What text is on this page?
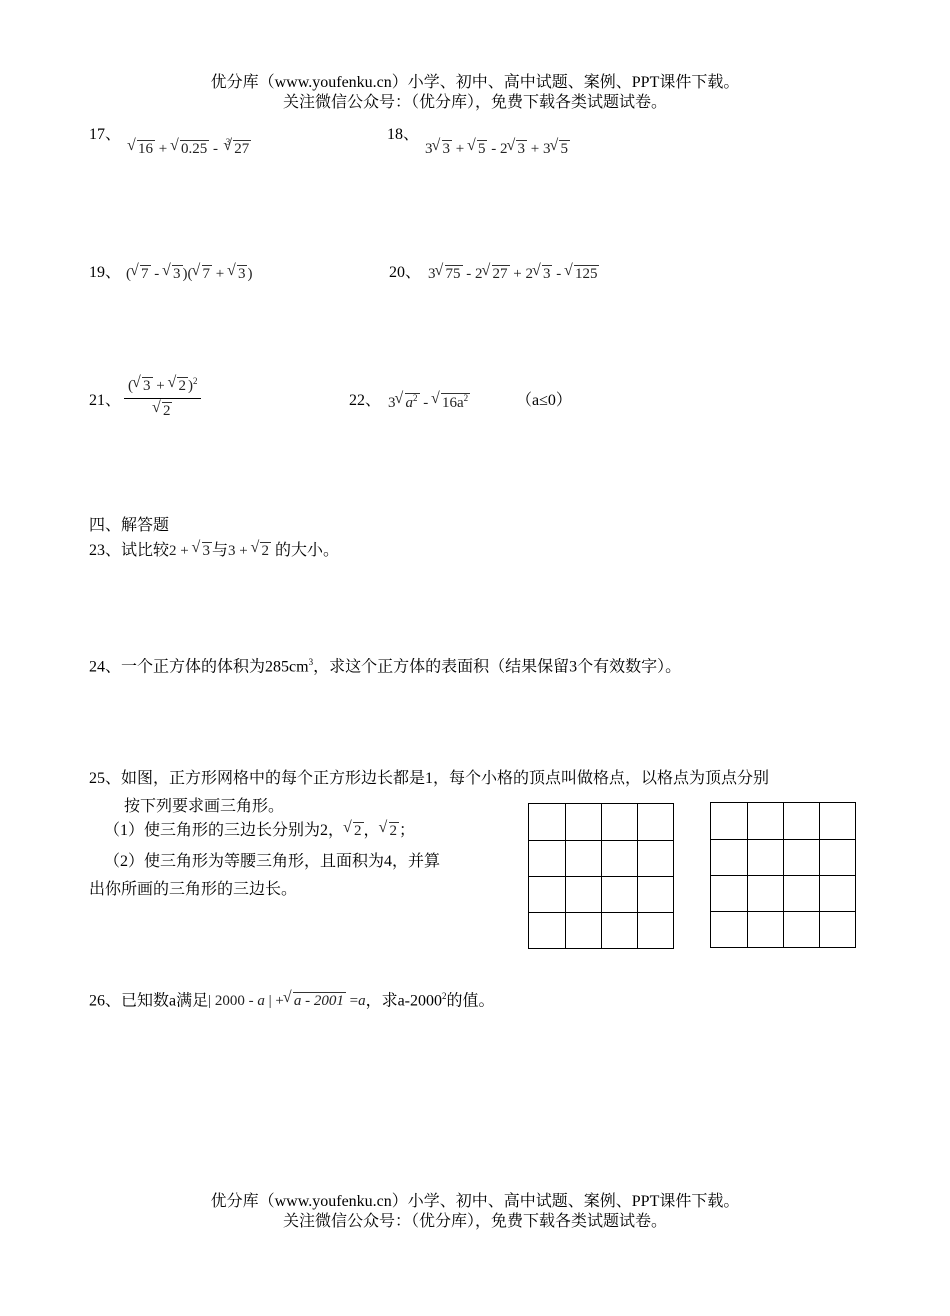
优分库（www.youfenku.cn）小学、初中、高中试题、案例、PPT课件下载。
关注微信公众号：（优分库），免费下载各类试题试卷。
17、
√ 16 + √ 0.25 - $^3$ √ 27
18、
3 √ 3 + √ 5 - 2 √ 3 + 3 √ 5
19、 ( √ 7 - √ 3 )( √ 7 + √ 3 )	20、 3 √ 75 - 2 √ 27 + 2 √ 3 - √ 125
21、 ( √ 3 + √ 2 )$^2$
√ 2	22、 3 √ $a^2$ - √ $16a^2$	（a≤0）
四、解答题
23、试比较2 + √ 3 与3 + √ 2 的大小。
24、一个正方体的体积为$285cm^3$，求这个正方体的表面积（结果保留3个有效数字）。
25、如图，正方形网格中的每个正方形边长都是1，每个小格的顶点叫做格点，以格点为顶点分别
按下列要求画三角形。
（1）使三角形的三边长分别为2， √ 2 ， √ 2 ；
（2）使三角形为等腰三角形，且面积为4，并算
出你所画的三角形的三边长。
26、已知数a满足| 2000 - a | + √ a - 2001 =a，求a-2000$^2$的值。
优分库（www.youfenku.cn）小学、初中、高中试题、案例、PPT课件下载。
关注微信公众号：（优分库），免费下载各类试题试卷。
